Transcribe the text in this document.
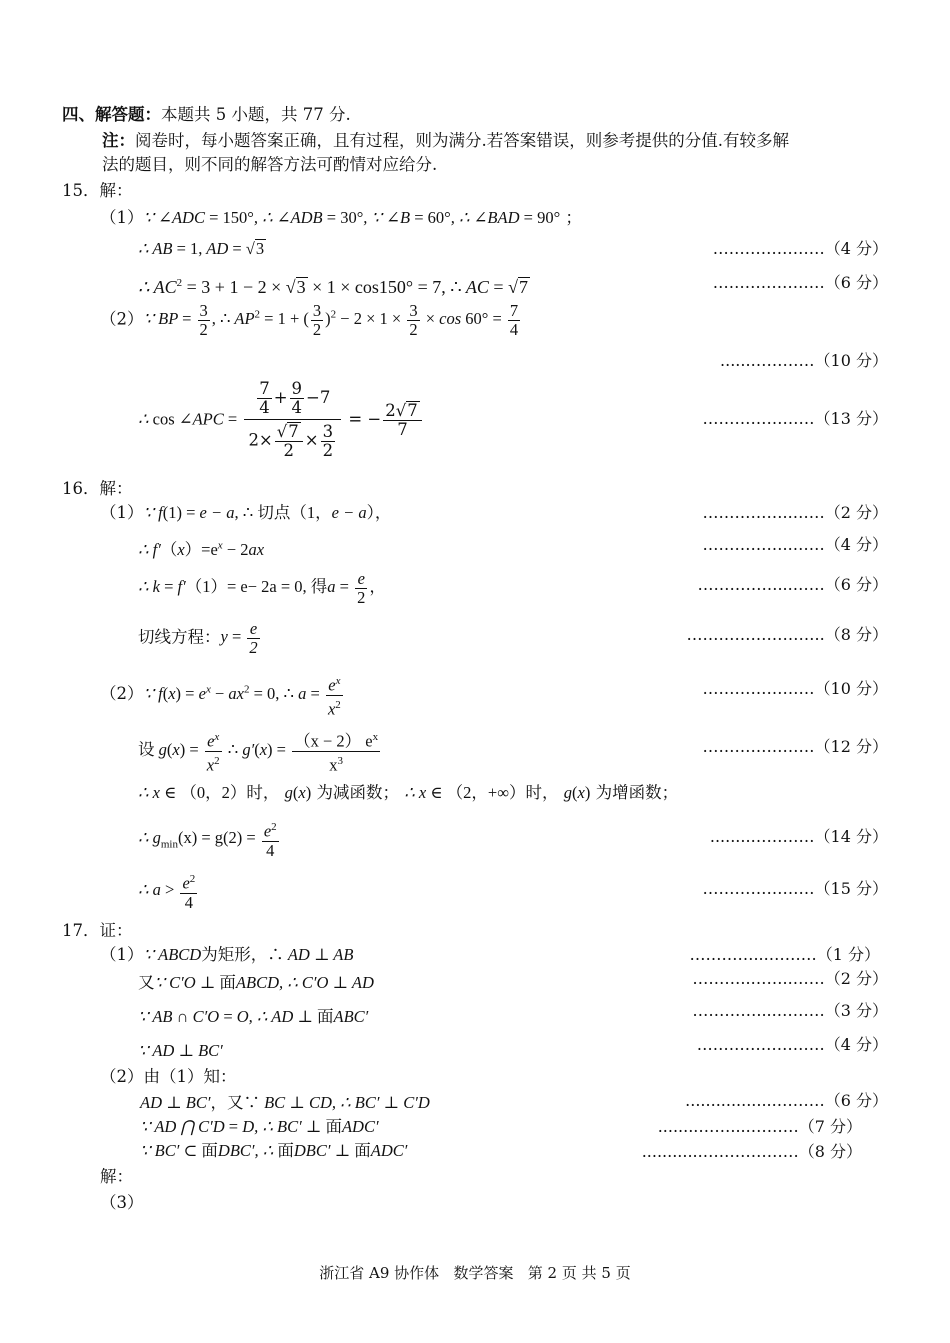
四、解答题：本题共 5 小题，共 77 分.
注：阅卷时，每小题答案正确，且有过程，则为满分.若答案错误，则参考提供的分值.有较多解
法的题目，则不同的解答方法可酌情对应给分.
15．解：
（1）∵ ∠ADC = 150°, ∴ ∠ADB = 30°, ∵ ∠B = 60°, ∴ ∠BAD = 90° ；
∴ AB = 1, AD = √3	…………………（4 分）
∴ $AC^2 = 3 + 1 - 2 \times √3 \times 1 \times \cos 150^\circ = 7$, ∴ AC = √7	…………………（6 分）
（2）∵ BP = $\frac{3}{2}$ , ∴ $AP^2 = 1$ + ( $\frac{3}{2} )^2 - 2 \times 1 \times \frac{3}{2} \times \cos 60^\circ = \frac{7}{4}$
......…………（10 分）
∴ cos ∠APC = $\frac{\frac{7}{4} + \frac{9}{4} -7}{2\times \frac{√7}{2} \times \frac{3}{2}}$ = − $\frac{2√7}{7}$	…………………（13 分）
16．解：
（1）∵ f(1) = e − a, ∴ 切点（1，e − a），	……………..……（2 分）
∴ $f'(x)=e^x - 2ax$	……………..……（4 分）
∴ k = f′（1）= e− 2a = 0, 得$a = \frac{e}{2}$ ，	……………...……（6 分）
切线方程：$y = \frac{e}{2}$	……………………..（8 分）
（2）∵ $f(x) = e^x - ax^2 = 0$, ∴ $a = \frac{e^x}{x^2}$	…………………（10 分）
设 $g(x) = \frac{e^x}{x^2}$ ∴ $g'(x) = \frac{(x - 2) e^x}{x^3}$	…………………（12 分）
∴ x ∈ （0，2）时， g(x) 为减函数； ∴ x ∈ （2，+∞）时， g(x) 为增函数；
∴ $g_{min}(x) = g(2) = \frac{e^2}{4}$	........…………（14 分）
∴ $a > \frac{e^2}{4}$	…………………（15 分）
17．证：
（1）∵ ABCD为矩形，∴ AD ⊥ AB	…………...………（1 分）
又∵ C′O ⊥ 面ABCD, ∴ C′O ⊥ AD	………..……..……（2 分）
∵ AB ∩ C′O = O, ∴ AD ⊥ 面ABC′	…………....………（3 分）
∵ AD ⊥ BC′	……………………（4 分）
（2）由（1）知：
AD ⊥ BC′，又∵ BC ⊥ CD, ∴ BC′ ⊥ C′D	..................………（6 分）
∵ AD ⋂ C′D = D, ∴ BC′ ⊥ 面ADC′	........……....………（7 分）
∵ BC′ ⊂ 面DBC′, ∴ 面DBC′ ⊥ 面ADC′	............………………（8 分）
解：
（3）
浙江省 A9 协作体   数学答案   第 2 页 共 5 页
